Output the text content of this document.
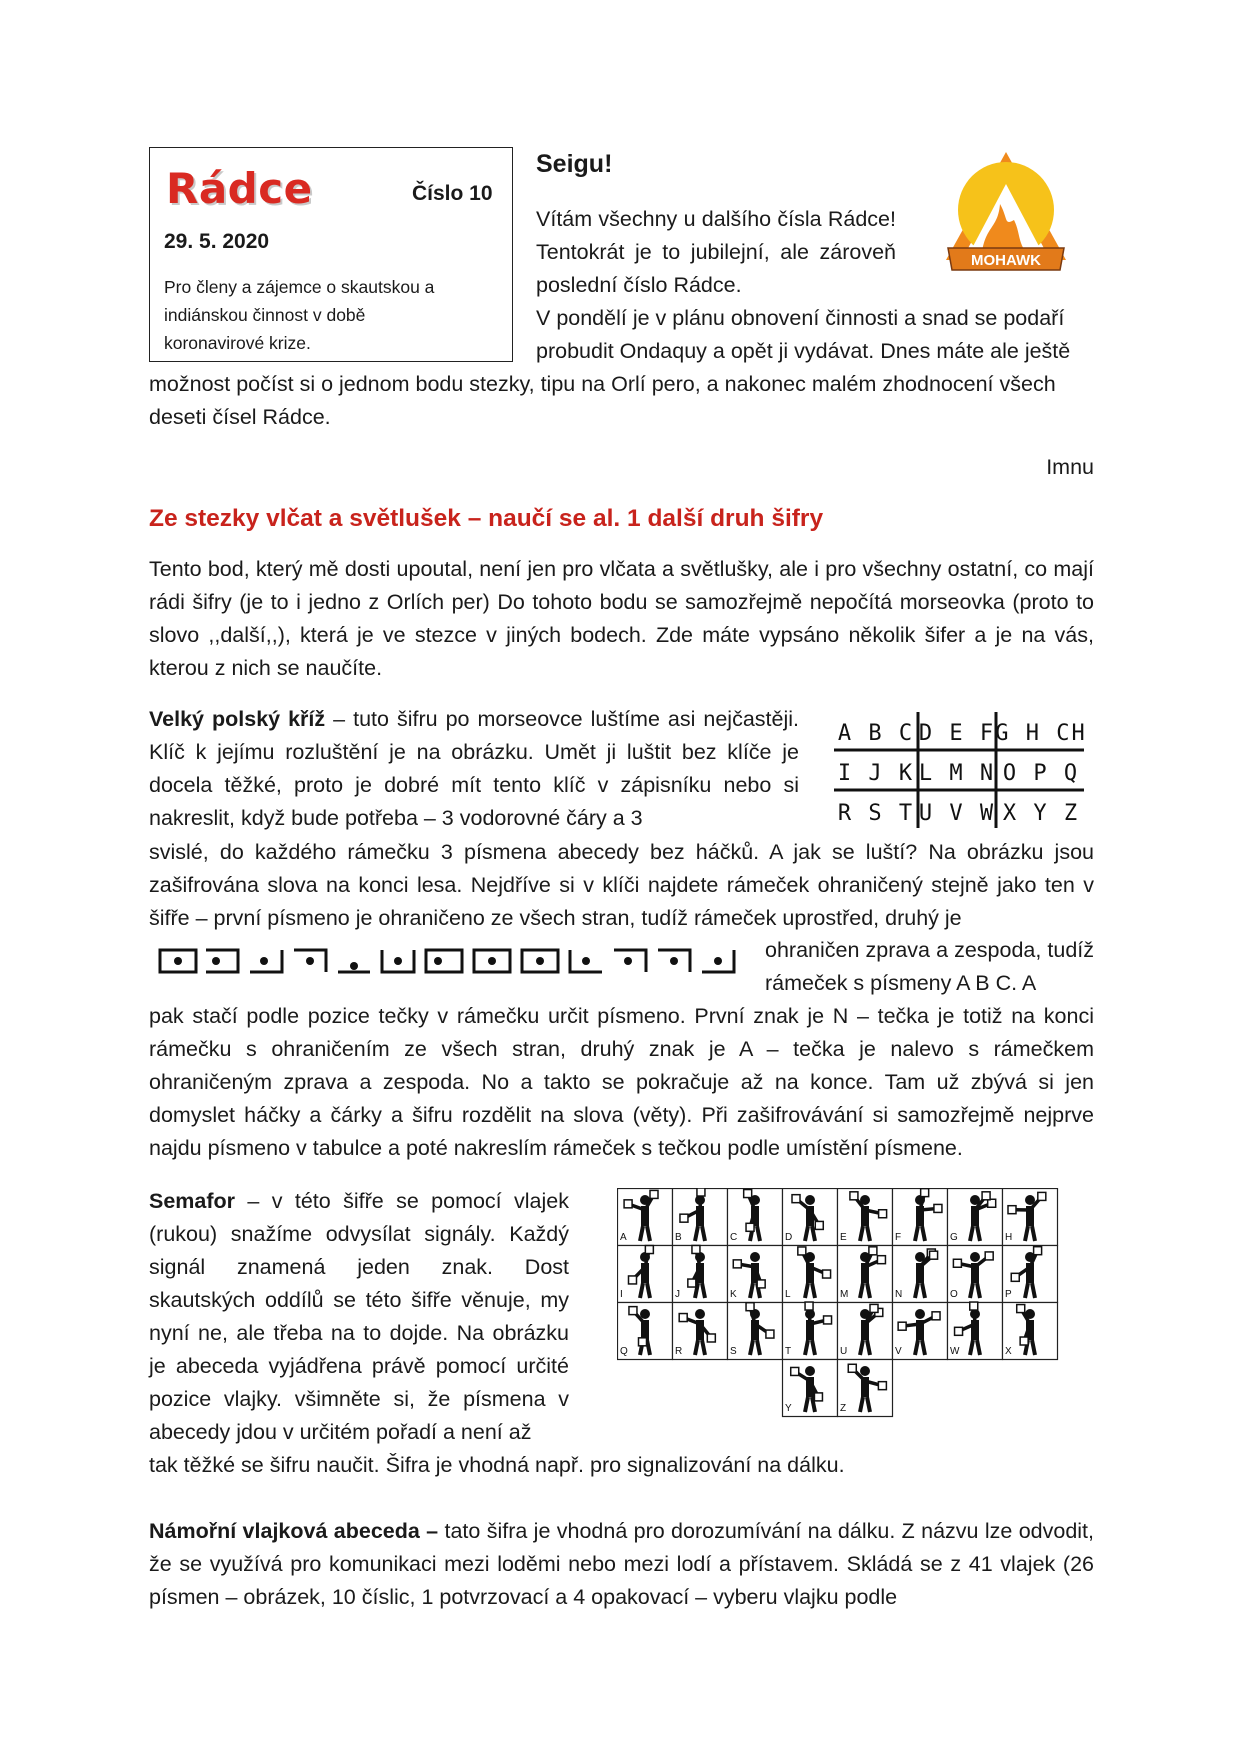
Rádce	Číslo 10
29. 5. 2020
Pro členy a zájemce o skautskou a indiánskou činnost v době koronavirové krize.
MOHAWK
Seigu!
Vítám všechny u dalšího čísla Rádce! Tentokrát je to jubilejní, ale zároveň poslední číslo Rádce.
V pondělí je v plánu obnovení činnosti a snad se podaří probudit Ondaquy a opět ji vydávat. Dnes máte ale ještě
možnost počíst si o jednom bodu stezky, tipu na Orlí pero, a nakonec malém zhodnocení všech deseti čísel Rádce.
Imnu
Ze stezky vlčat a světlušek – naučí se al. 1 další druh šifry

Tento bod, který mě dosti upoutal, není jen pro vlčata a světlušky, ale i pro všechny ostatní, co mají rádi šifry (je to i jedno z Orlích per) Do tohoto bodu se samozřejmě nepočítá morseovka (proto to slovo ,,další,,), která je ve stezce v jiných bodech. Zde máte vypsáno několik šifer a je na vás, kterou z nich se naučíte.

Velký polský kříž – tuto šifru po morseovce luštíme asi nejčastěji. Klíč k jejímu rozluštění je na obrázku. Umět ji luštit bez klíče je docela těžké, proto je dobré mít tento klíč v zápisníku nebo si nakreslit, když bude potřeba – 3 vodorovné čáry a 3

A B C D E F G H CH
I J K L M N O P Q
R S T U V W X Y Z

svislé, do každého rámečku 3 písmena abecedy bez háčků. A jak se luští? Na obrázku jsou zašifrována slova na konci lesa. Nejdříve si v klíči najdete rámeček ohraničený stejně jako ten v šifře – první písmeno je ohraničeno ze všech stran, tudíž rámeček uprostřed, druhý je

ohraničen zprava a zespoda, tudíž rámeček s písmeny A B C. A

pak stačí podle pozice tečky v rámečku určit písmeno. První znak je N – tečka je totiž na konci rámečku s ohraničením ze všech stran, druhý znak je A – tečka je nalevo s rámečkem ohraničeným zprava a zespoda. No a takto se pokračuje až na konce. Tam už zbývá si jen domyslet háčky a čárky a šifru rozdělit na slova (věty). Při zašifrovávání si samozřejmě nejprve najdu písmeno v tabulce a poté nakreslím rámeček s tečkou podle umístění písmene.

Semafor – v této šifře se pomocí vlajek (rukou) snažíme odvysílat signály. Každý signál znamená jeden znak. Dost skautských oddílů se této šifře věnuje, my nyní ne, ale třeba na to dojde. Na obrázku je abeceda vyjádřena právě pomocí určité pozice vlajky. všimněte si, že písmena v abecedy jdou v určitém pořadí a není až

A	B	C	D	E	F	G	H
I	J	K	L	M	N	O	P
Q	R	S	T	U	V	W	X
Y	Z

tak těžké se šifru naučit. Šifra je vhodná např. pro signalizování na dálku.

Námořní vlajková abeceda – tato šifra je vhodná pro dorozumívání na dálku. Z názvu lze odvodit, že se využívá pro komunikaci mezi loděmi nebo mezi lodí a přístavem. Skládá se z 41 vlajek (26 písmen – obrázek, 10 číslic, 1 potvrzovací a 4 opakovací – vyberu vlajku podle
